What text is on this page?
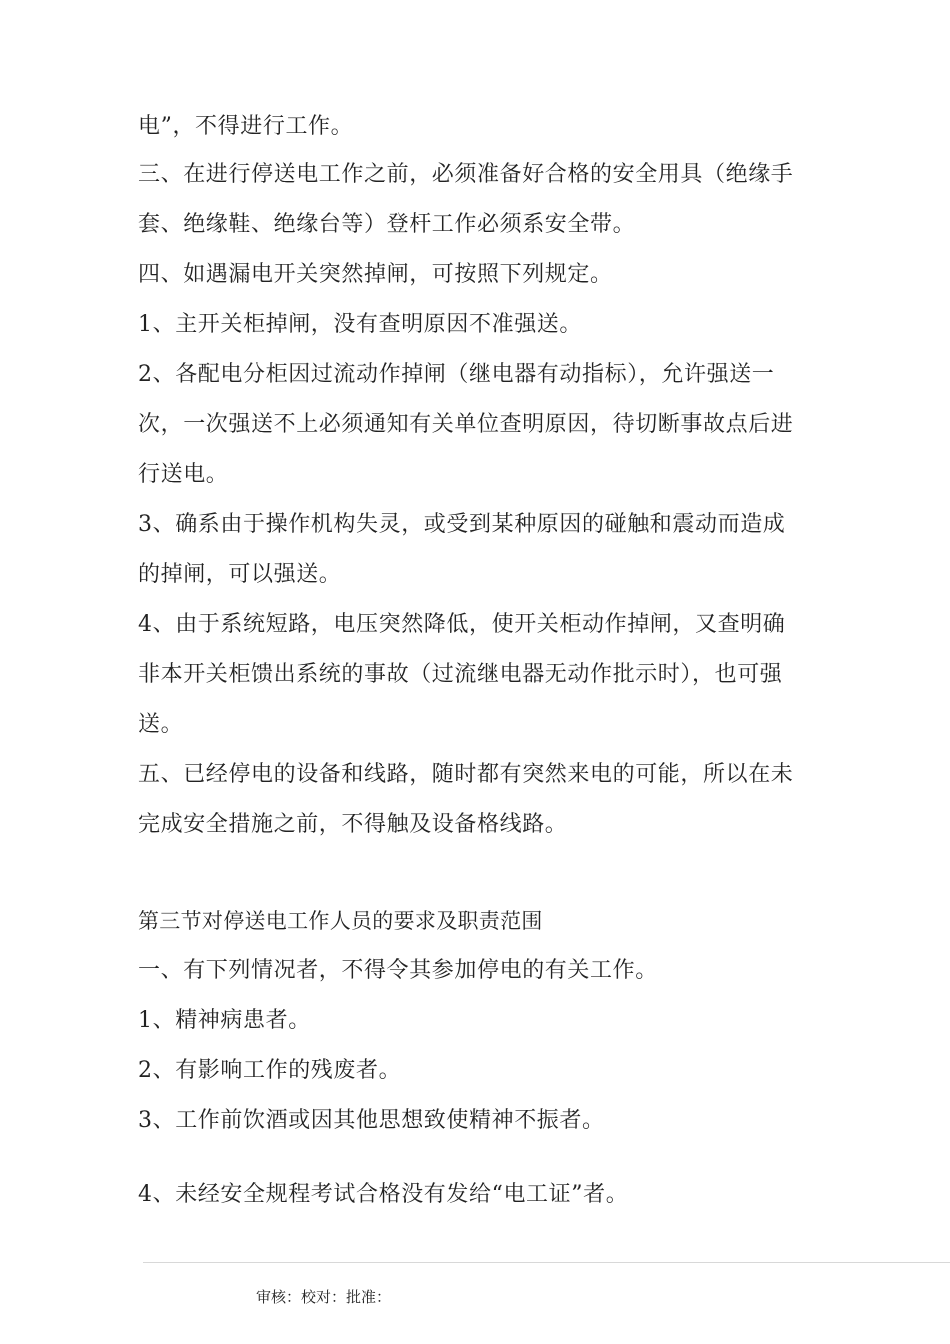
电”，不得进行工作。
三、在进行停送电工作之前，必须准备好合格的安全用具（绝缘手
套、绝缘鞋、绝缘台等）登杆工作必须系安全带。
四、如遇漏电开关突然掉闸，可按照下列规定。
1、主开关柜掉闸，没有查明原因不准强送。
2、各配电分柜因过流动作掉闸（继电器有动指标），允许强送一
次，一次强送不上必须通知有关单位查明原因，待切断事故点后进
行送电。
3、确系由于操作机构失灵，或受到某种原因的碰触和震动而造成
的掉闸，可以强送。
4、由于系统短路，电压突然降低，使开关柜动作掉闸，又查明确
非本开关柜馈出系统的事故（过流继电器无动作批示时），也可强
送。
五、已经停电的设备和线路，随时都有突然来电的可能，所以在未
完成安全措施之前，不得触及设备格线路。
第三节对停送电工作人员的要求及职责范围
一、有下列情况者，不得令其参加停电的有关工作。
1、精神病患者。
2、有影响工作的残废者。
3、工作前饮酒或因其他思想致使精神不振者。
4、未经安全规程考试合格没有发给“电工证”者。
审核：校对：批准：
